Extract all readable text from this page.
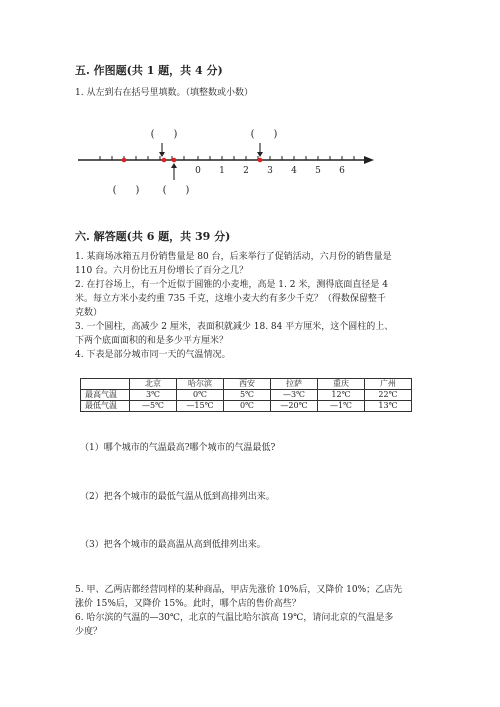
五. 作图题(共 1 题，共 4 分)
1. 从左到右在括号里填数。（填整数或小数）
0 1 2 3 4 5 6
(      )	(      )
(      ) (      )
六. 解答题(共 6 题，共 39 分)
1. 某商场冰箱五月份销售量是 80 台，后来举行了促销活动，六月份的销售量是
110 台。六月份比五月份增长了百分之几？
2. 在打谷场上，有一个近似于圆锥的小麦堆，高是 1. 2 米，测得底面直径是 4
米。每立方米小麦约重 735 千克，这堆小麦大约有多少千克？（得数保留整千
克数）
3. 一个圆柱，高减少 2 厘米，表面积就减少 18. 84 平方厘米，这个圆柱的上、
下两个底面面积的和是多少平方厘米？
4. 下表是部分城市同一天的气温情况。
	北京	哈尔滨	西安	拉萨	重庆	广州
最高气温	3℃	0℃	5℃	—3℃	12℃	22℃
最低气温	—5℃	—15℃	0℃	—20℃	—1℃	13℃
（1）哪个城市的气温最高?哪个城市的气温最低?
（2）把各个城市的最低气温从低到高排列出来。
（3）把各个城市的最高温从高到低排列出来。
5. 甲、乙两店都经营同样的某种商品，甲店先涨价 10%后，又降价 10%；乙店先
涨价 15%后，又降价 15%。此时，哪个店的售价高些？
6. 哈尔滨的气温的—30℃，北京的气温比哈尔滨高 19℃，请问北京的气温是多
少度？
